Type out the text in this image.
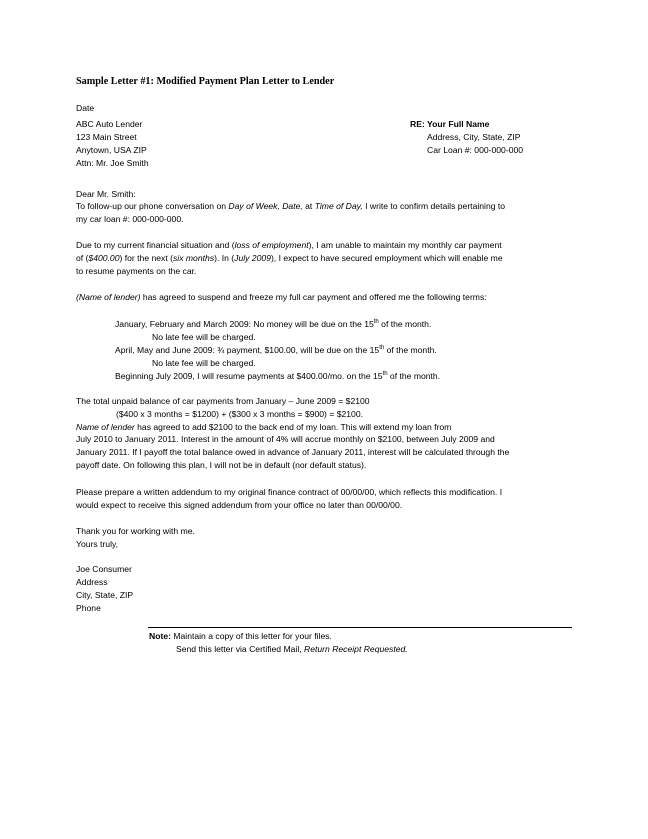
Sample Letter #1: Modified Payment Plan Letter to Lender
Date
ABC Auto Lender
123 Main Street
Anytown, USA ZIP
Attn: Mr. Joe Smith
RE: Your Full Name
Address, City, State, ZIP
Car Loan #: 000-000-000
Dear Mr. Smith:
To follow-up our phone conversation on Day of Week, Date, at Time of Day, I write to confirm details pertaining to
my car loan #: 000-000-000.
Due to my current financial situation and (loss of employment), I am unable to maintain my monthly car payment
of ($400.00) for the next (six months). In (July 2009), I expect to have secured employment which will enable me
to resume payments on the car.
(Name of lender) has agreed to suspend and freeze my full car payment and offered me the following terms:
January, February and March 2009: No money will be due on the 15th of the month.
No late fee will be charged.
April, May and June 2009: ¾ payment, $100.00, will be due on the 15th of the month.
No late fee will be charged.
Beginning July 2009, I will resume payments at $400.00/mo. on the 15th of the month.
The total unpaid balance of car payments from January – June 2009 = $2100
($400 x 3 months = $1200) + ($300 x 3 months = $900) = $2100.
Name of lender has agreed to add $2100 to the back end of my loan. This will extend my loan from
July 2010 to January 2011. Interest in the amount of 4% will accrue monthly on $2100, between July 2009 and
January 2011. If I payoff the total balance owed in advance of January 2011, interest will be calculated through the
payoff date. On following this plan, I will not be in default (nor default status).
Please prepare a written addendum to my original finance contract of 00/00/00, which reflects this modification. I
would expect to receive this signed addendum from your office no later than 00/00/00.
Thank you for working with me.
Yours truly,
Joe Consumer
Address
City, State, ZIP
Phone
Note: Maintain a copy of this letter for your files.
Send this letter via Certified Mail, Return Receipt Requested.
